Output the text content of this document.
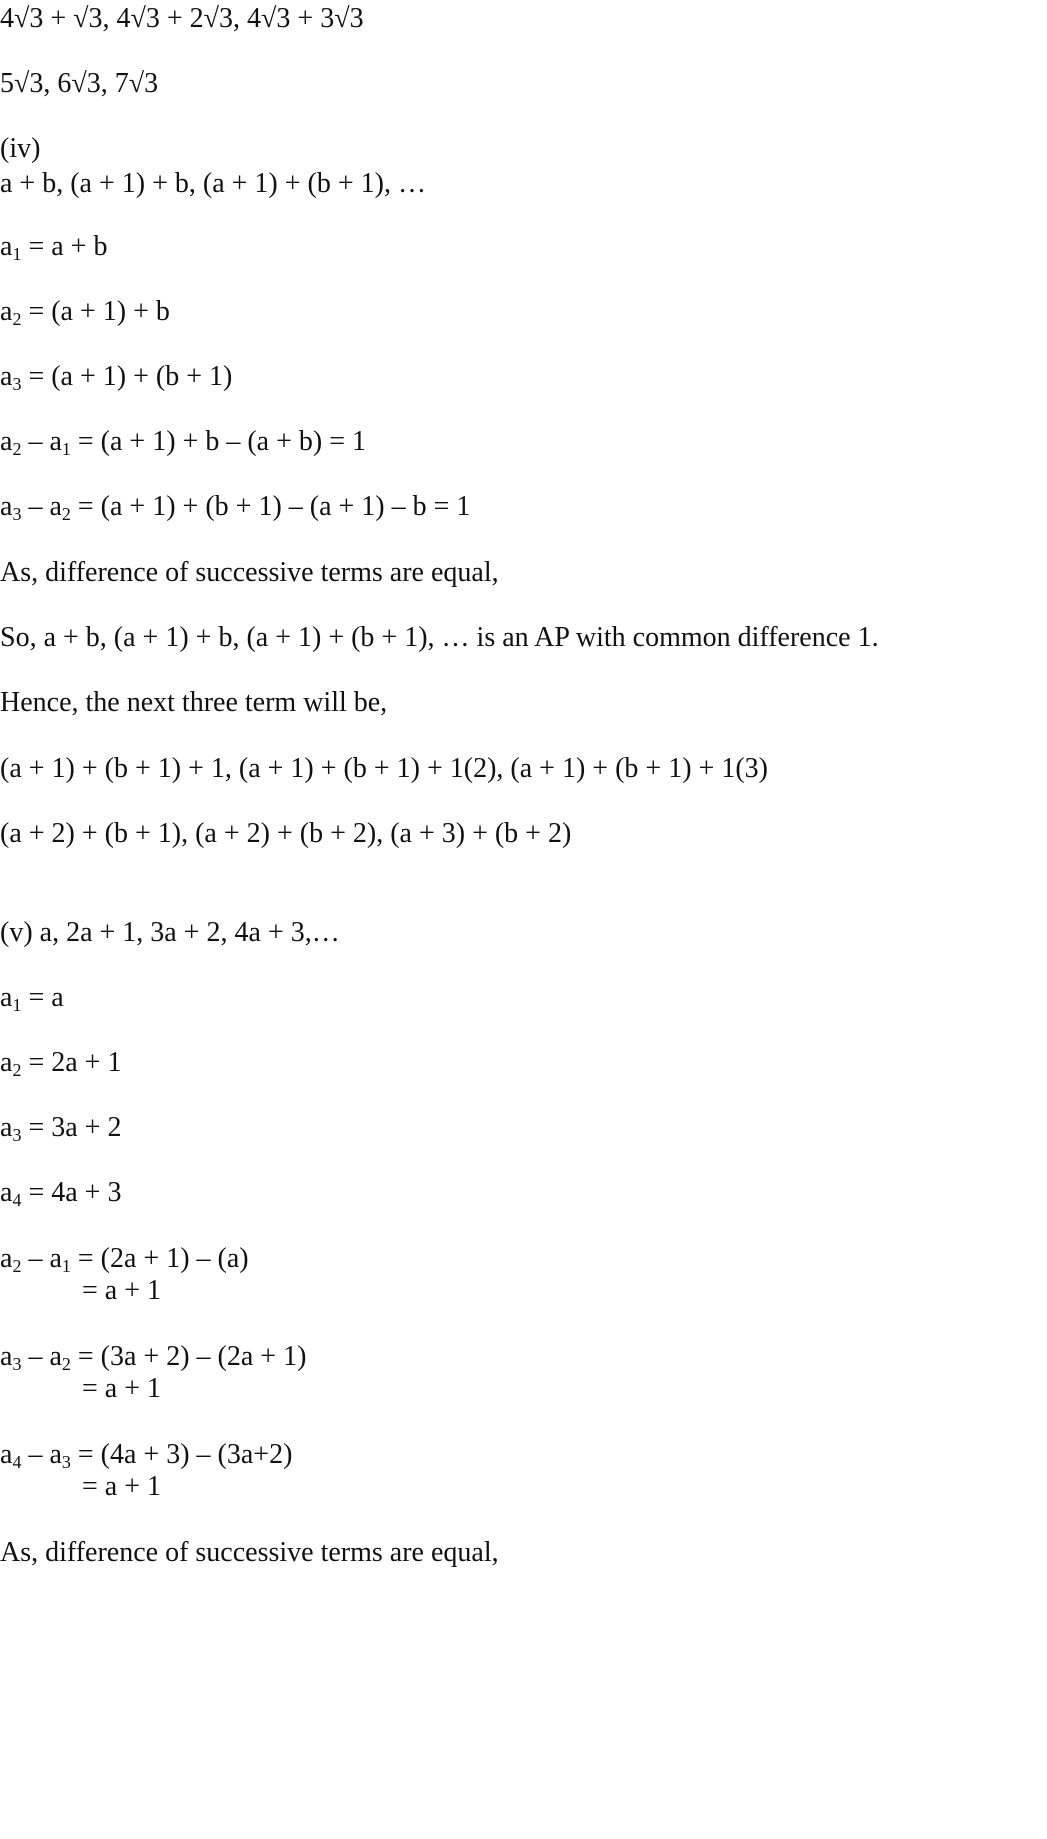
4√3 + √3, 4√3 + 2√3, 4√3 + 3√3
5√3, 6√3, 7√3
(iv)
a + b, (a + 1) + b, (a + 1) + (b + 1), …
$a_1 = a + b$
$a_2 = (a + 1) + b$
$a_3 = (a + 1) + (b + 1)$
$a_2 - a_1 = (a + 1) + b - (a + b) = 1$
$a_3 - a_2 = (a + 1) + (b + 1) - (a + 1) - b = 1$
As, difference of successive terms are equal,
So, a + b, (a + 1) + b, (a + 1) + (b + 1), … is an AP with common difference 1.
Hence, the next three term will be,
(a + 1) + (b + 1) + 1, (a + 1) + (b + 1) + 1(2), (a + 1) + (b + 1) + 1(3)
(a + 2) + (b + 1), (a + 2) + (b + 2), (a + 3) + (b + 2)
(v) a, 2a + 1, 3a + 2, 4a + 3,…
$a_1 = a$
$a_2 = 2a + 1$
$a_3 = 3a + 2$
$a_4 = 4a + 3$
$a_2 - a_1 = (2a + 1) - (a)$
= a + 1
$a_3 - a_2 = (3a + 2) - (2a + 1)$
= a + 1
$a_4 - a_3 = (4a + 3) - (3a+2)$
= a + 1
As, difference of successive terms are equal,
